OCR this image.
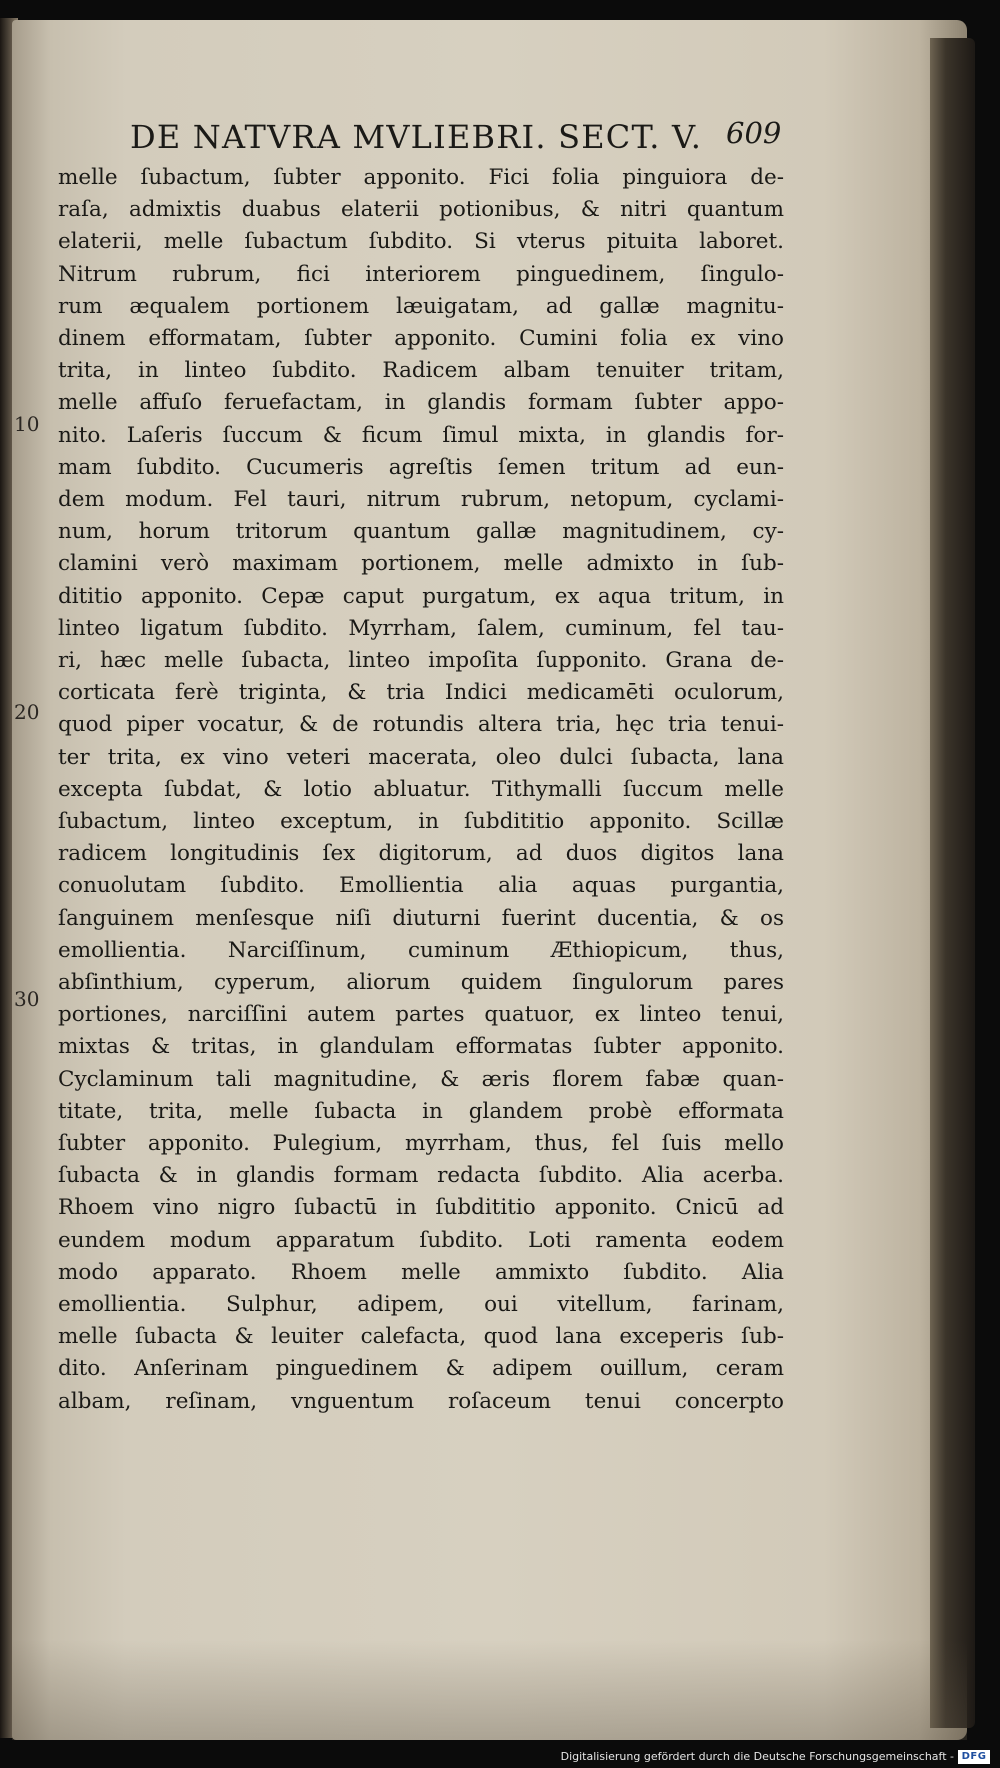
DE NATVRA MVLIEBRI. SECT. V. 609
10
20
30
melle ſubactum, ſubter apponito. Fici folia pinguiora de-
raſa, admixtis duabus elaterii potionibus, & nitri quantum
elaterii, melle ſubactum ſubdito. Si vterus pituita laboret.
Nitrum rubrum, fici interiorem pinguedinem, ſingulo-
rum æqualem portionem læuigatam, ad gallæ magnitu-
dinem efformatam, ſubter apponito. Cumini folia ex vino
trita, in linteo ſubdito. Radicem albam tenuiter tritam,
melle affuſo feruefactam, in glandis formam ſubter appo-
nito. Laſeris ſuccum & ficum ſimul mixta, in glandis for-
mam ſubdito. Cucumeris agreſtis ſemen tritum ad eun-
dem modum. Fel tauri, nitrum rubrum, netopum, cyclami-
num, horum tritorum quantum gallæ magnitudinem, cy-
clamini verò maximam portionem, melle admixto in ſub-
dititio apponito. Cepæ caput purgatum, ex aqua tritum, in
linteo ligatum ſubdito. Myrrham, ſalem, cuminum, fel tau-
ri, hæc melle ſubacta, linteo impoſita ſupponito. Grana de-
corticata ferè triginta, & tria Indici medicamēti oculorum,
quod piper vocatur, & de rotundis altera tria, hęc tria tenui-
ter trita, ex vino veteri macerata, oleo dulci ſubacta, lana
excepta ſubdat, & lotio abluatur. Tithymalli ſuccum melle
ſubactum, linteo exceptum, in ſubdititio apponito. Scillæ
radicem longitudinis ſex digitorum, ad duos digitos lana
conuolutam ſubdito. Emollientia alia aquas purgantia,
ſanguinem menſesque niſi diuturni fuerint ducentia, & os
emollientia. Narciſſinum, cuminum Æthiopicum, thus,
abſinthium, cyperum, aliorum quidem ſingulorum pares
portiones, narciſſini autem partes quatuor, ex linteo tenui,
mixtas & tritas, in glandulam efformatas ſubter apponito.
Cyclaminum tali magnitudine, & æris florem fabæ quan-
titate, trita, melle ſubacta in glandem probè efformata
ſubter apponito. Pulegium, myrrham, thus, fel ſuis mello
ſubacta & in glandis formam redacta ſubdito. Alia acerba.
Rhoem vino nigro ſubactū in ſubdititio apponito. Cnicū ad
eundem modum apparatum ſubdito. Loti ramenta eodem
modo apparato. Rhoem melle ammixto ſubdito. Alia
emollientia. Sulphur, adipem, oui vitellum, farinam,
melle ſubacta & leuiter calefacta, quod lana exceperis ſub-
dito. Anſerinam pinguedinem & adipem ouillum, ceram
albam, reſinam, vnguentum roſaceum tenui concerpto
Digitalisierung gefördert durch die Deutsche Forschungsgemeinschaft - DFG
